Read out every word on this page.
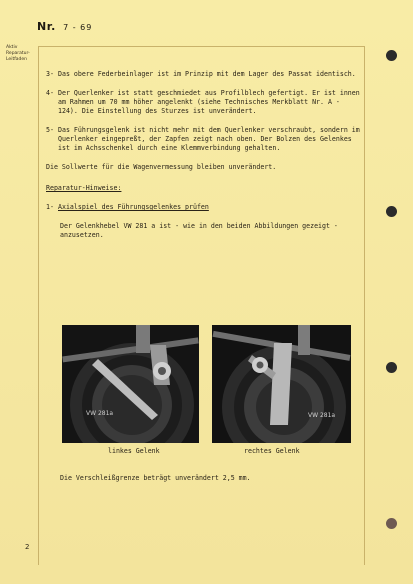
Nr. 7 - 69
Aktiv Reparatur-Leitfaden
3- Das obere Federbeinlager ist im Prinzip mit dem Lager des Passat identisch.
4- Der Querlenker ist statt geschmiedet aus Profilblech gefertigt. Er ist innen am Rahmen um 70 mm höher angelenkt (siehe Technisches Merkblatt Nr. A - 124). Die Einstellung des Sturzes ist unverändert.
5- Das Führungsgelenk ist nicht mehr mit dem Querlenker verschraubt, sondern im Querlenker eingepreßt, der Zapfen zeigt nach oben. Der Bolzen des Gelenkes ist im Achsschenkel durch eine Klemmverbindung gehalten.
Die Sollwerte für die Wagenvermessung bleiben unverändert.
Reparatur-Hinweise:
1- Axialspiel des Führungsgelenkes prüfen
Der Gelenkhebel VW 281 a ist - wie in den beiden Abbildungen gezeigt - anzusetzen.
VW 281a	VW 281a
linkes Gelenk	rechtes Gelenk
Die Verschleißgrenze beträgt unverändert 2,5 mm.
2
